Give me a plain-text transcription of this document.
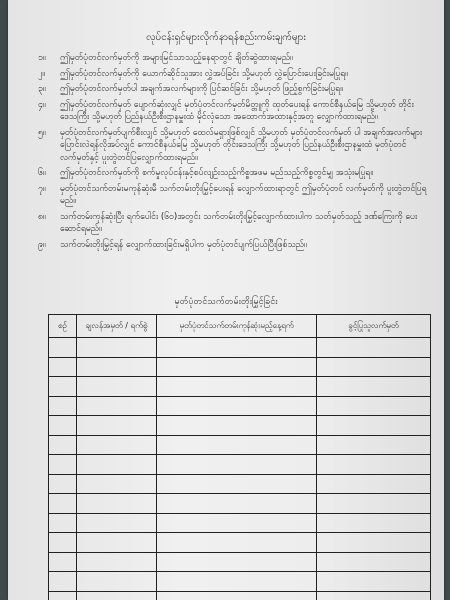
လုပ်ငန်းရှင်များလိုက်နာရန်စည်းကမ်းချက်များ
၁။	ဤမှတ်ပုံတင်လက်မှတ်ကို အများမြင်သာသည့်နေရာတွင် ချိတ်ဆွဲထားရမည်။
၂။	ဤမှတ်ပုံတင်လက်မှတ်ကို ယောက်ဆိုင်သူအား လွှဲအပ်ခြင်း သို့မဟုတ် လွှဲပြောင်းပေးခြင်းမပြုရ။
၃။	ဤမှတ်ပုံတင်လက်မှတ်ပါ အချက်အလက်များကို ပြင်ဆင်ခြင်း သို့မဟုတ် ဖြည့်စွက်ခြင်းမပြုရ။
၄။	ဤမှတ်ပုံတင်လက်မှတ် ပျောက်ဆုံးလျှင် မှတ်ပုံတင်လက်မှတ်မိတ္တူကို ထုတ်ပေးရန် ကောင်စီနယ်မြေ သို့မဟုတ် တိုင်းဒေသကြီး သို့မဟုတ် ပြည်နယ်ဦးစီးဌာနမှူးထံ မိုင်လုံသော အထောက်အထားနှင့်အတူ လျှောက်ထားရမည်။
၅။	မှတ်ပုံတင်လက်မှတ်ပျက်စီးလျှင် သို့မဟုတ် ထေလ်မရှားဖြစ်လျှင် သို့မဟုတ် မှတ်ပုံတင်လက်မှတ် ပါ အချက်အလက်များ ပြောင်းလဲရန်လိုအပ်လျှင် ကောင်စီနယ်မြေ သို့မဟုတ် တိုင်းဒေသကြီး သို့မဟုတ် ပြည်နယ်ဦးစီးဌာနမှူးထံ မှတ်ပုံတင်လက်မှတ်နှင့် ပူးတွဲတင်ပြလျှောက်ထားရမည်။
၆။	ဤမှတ်ပုံတင်လက်မှတ်ကို စက်မှုလုပ်ငန်းနှင့်စပ်လျဉ်းသည့်ကိစ္စအဖမ မည်သည့်ကိစ္စတွင်မျှ အသုံးမပြုရ။
၇။	မှတ်ပုံတင်သက်တမ်းမကုန်ဆုံးမီ သက်တမ်းတိုးမြှင့်ပေးရန် လျှောက်ထားရာတွင် ဤမှတ်ပုံတင် လက်မှတ်ကို ပူးတွဲတင်ပြရမည်။
၈။	သက်တမ်းကုန်ဆုံးပြီး ရက်ပေါင်း (၆၀)အတွင်း သက်တမ်းတိုးမြှင့်လျှောက်ထားပါက သတ်မှတ်သည့် ဒဏ်ကြေးကို ပေးဆောင်ရမည်။
၉။	သက်တမ်းတိုးမြှင့်ရန် လျှောက်ထားခြင်းမရှိပါက မှတ်ပုံတင်ပျက်ပြယ်ပြီးဖြစ်သည်။
မှတ်ပုံတင်သက်တမ်းတိုးမြှင့်ခြင်း
စဉ်	ချလန်အမှတ် / ရက်စွဲ	မှတ်ပုံတင်သက်တမ်းကုန်ဆုံးမည့်နေ့ရက်	ခွင့်ပြုသူလက်မှတ်
